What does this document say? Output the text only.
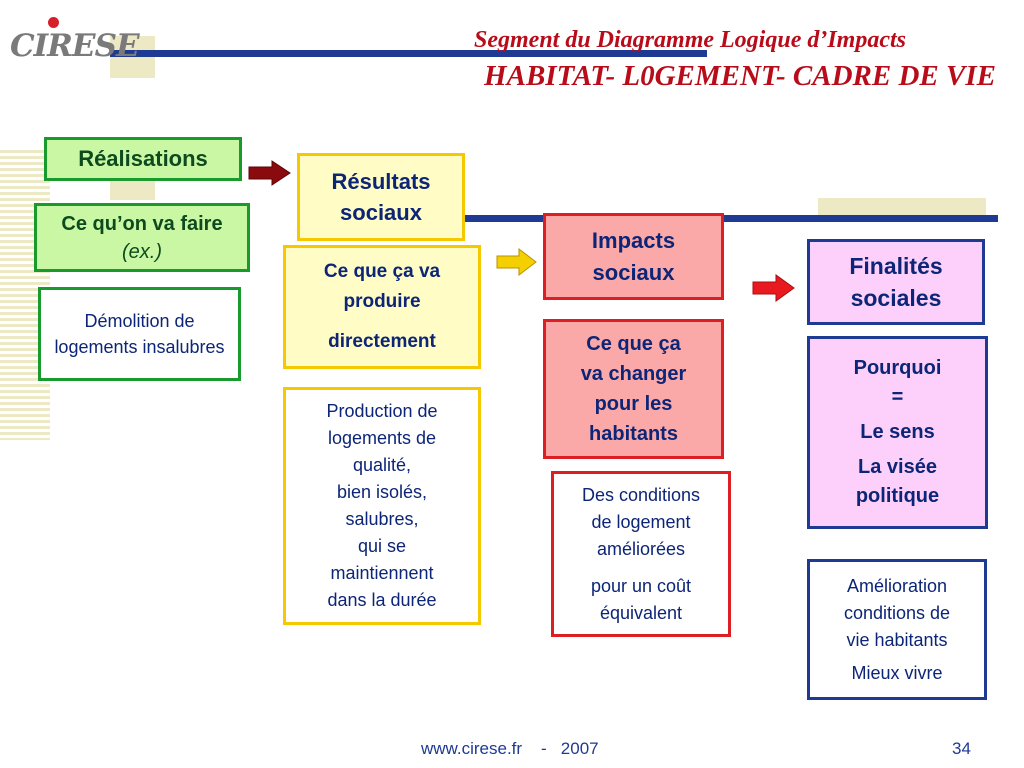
CIRESE	Segment du Diagramme Logique d’Impacts
HABITAT- L0GEMENT- CADRE DE VIE
Réalisations
Ce qu’on va faire (ex.)
Démolition de logements insalubres
Résultats
sociaux
Ce que ça va
produire
directement
Production de
logements de
qualité,
bien isolés,
salubres,
qui se
maintiennent
dans la durée
Impacts
sociaux
Ce que ça
va changer
pour les
habitants
Des conditions
de logement
améliorées
pour un coût
équivalent
Finalités
sociales
Pourquoi
=
Le sens
La visée
politique
Amélioration
conditions de
vie habitants
Mieux vivre
www.cirese.fr    -   2007	34
